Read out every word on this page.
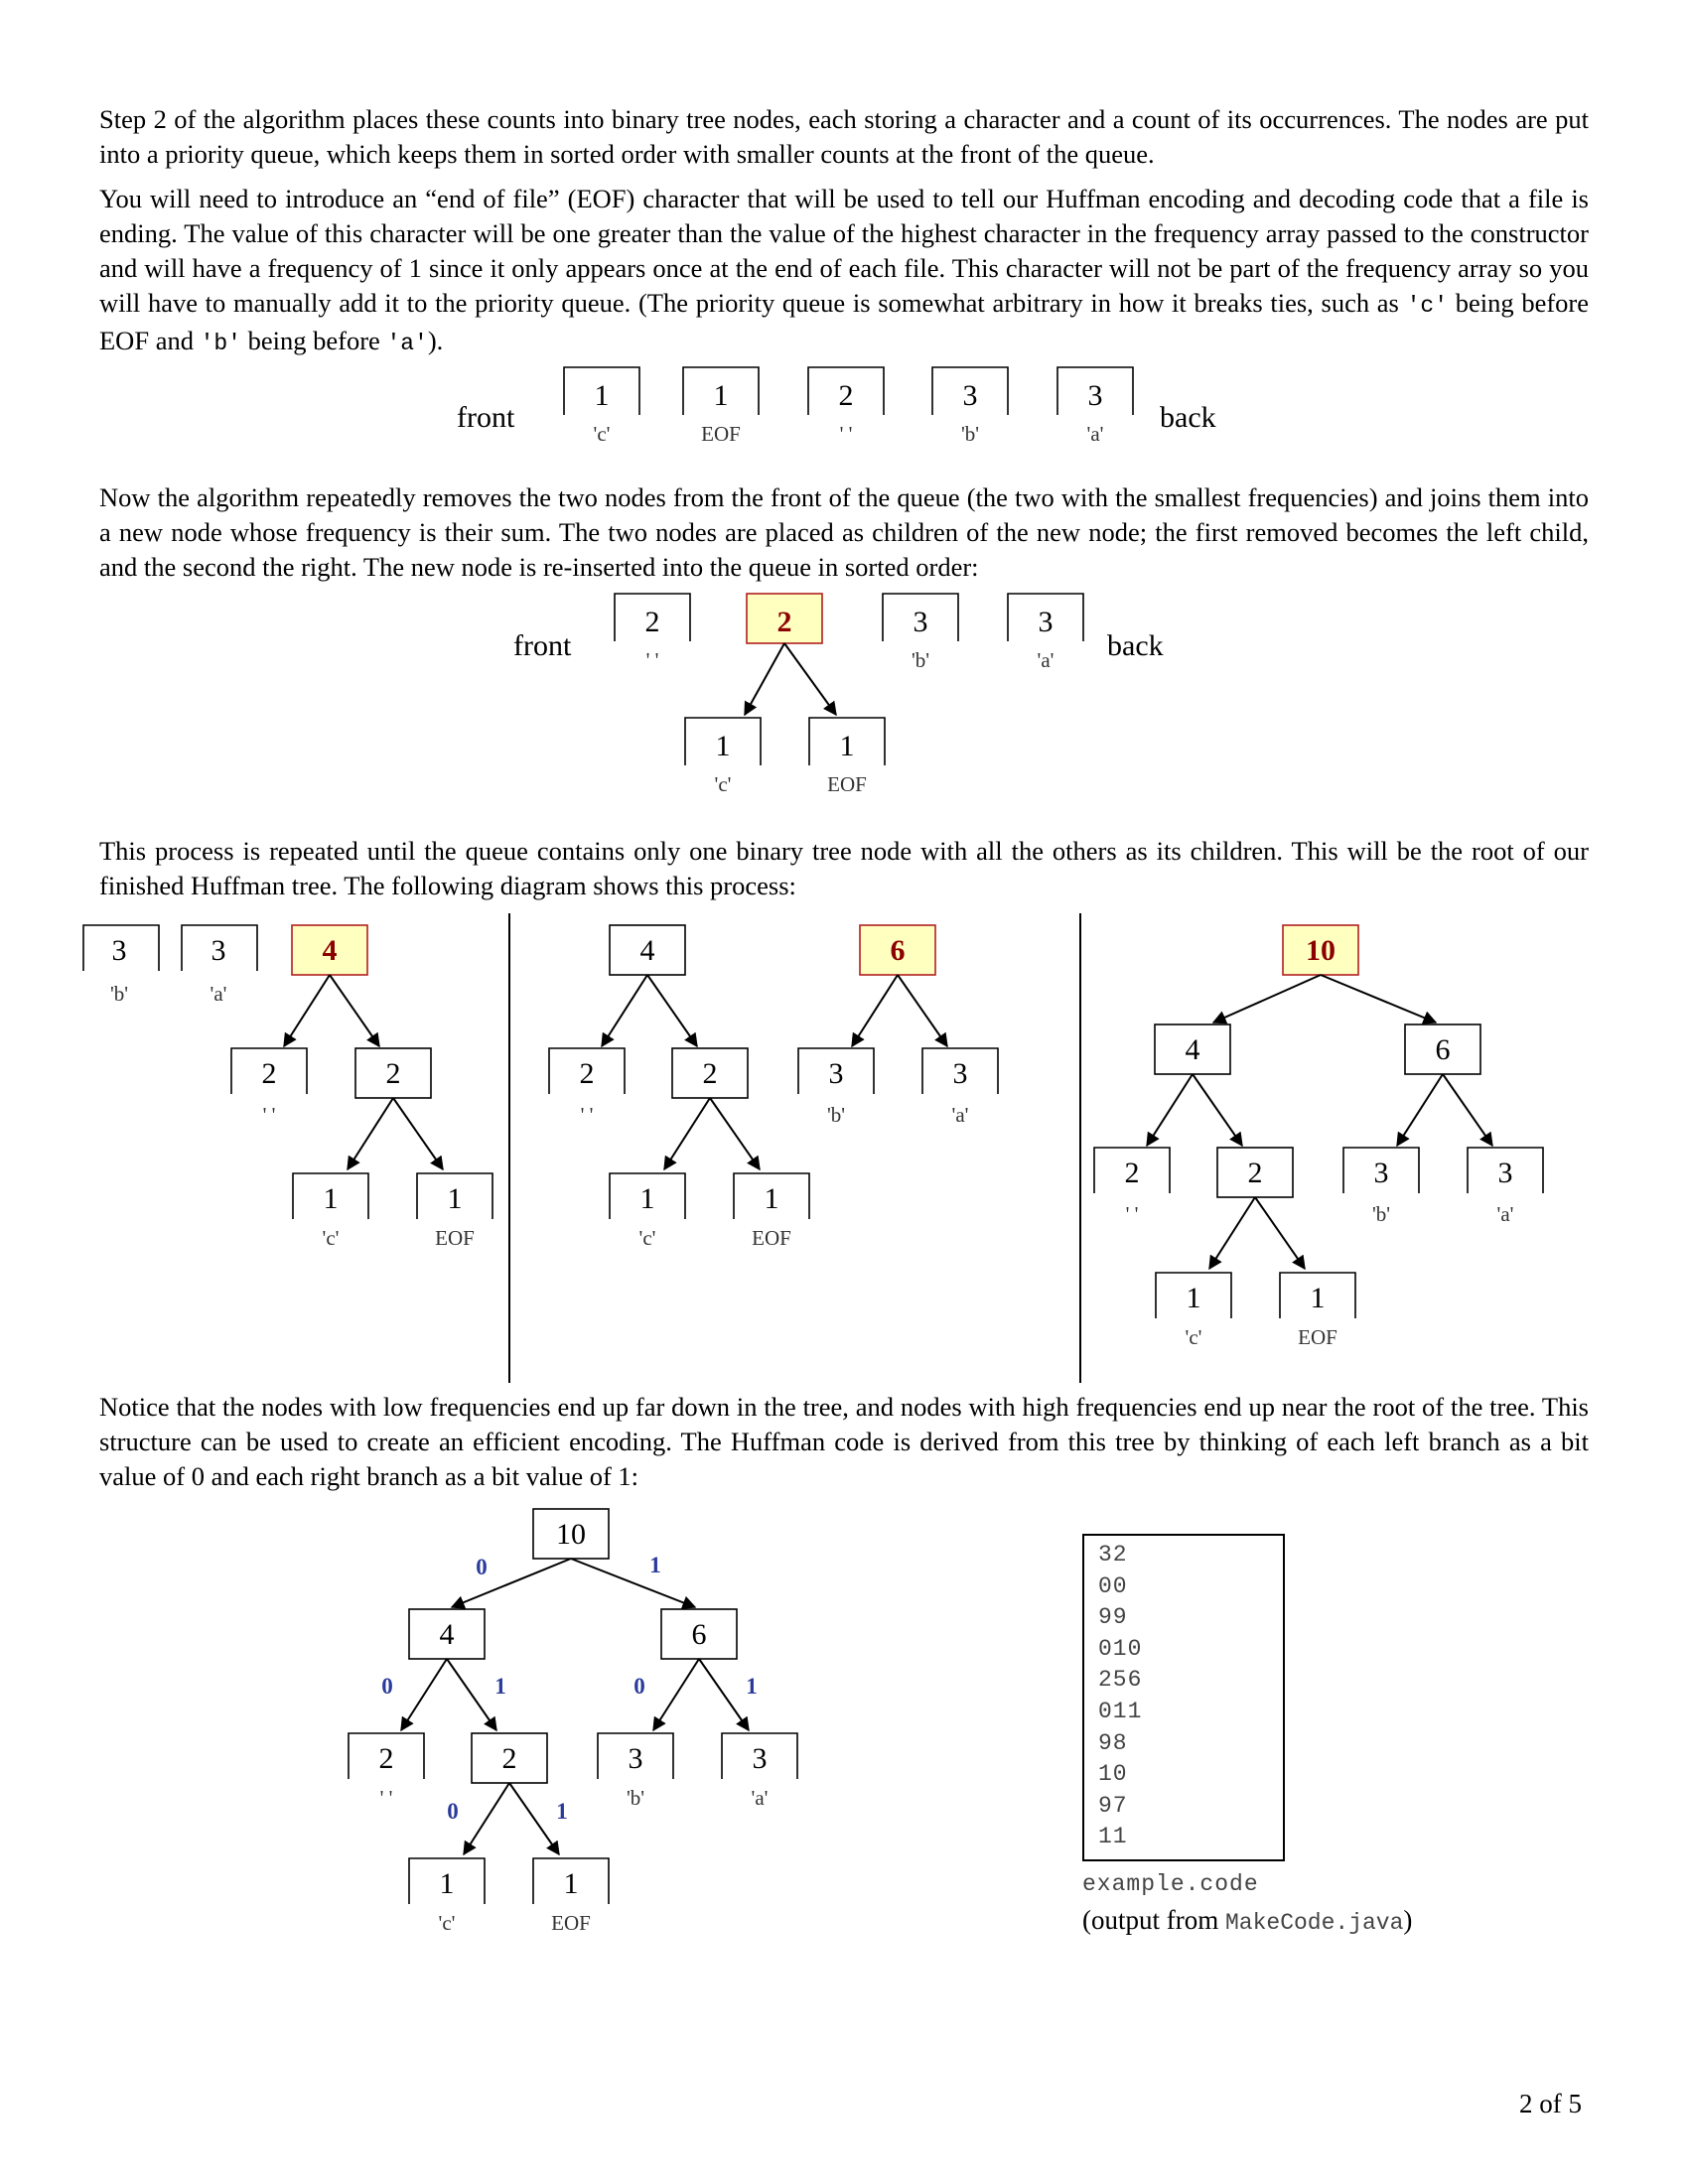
Step 2 of the algorithm places these counts into binary tree nodes, each storing a character and a count of its occurrences. The nodes are put into a priority queue, which keeps them in sorted order with smaller counts at the front of the queue.

You will need to introduce an “end of file” (EOF) character that will be used to tell our Huffman encoding and decoding code that a file is ending. The value of this character will be one greater than the value of the highest character in the frequency array passed to the constructor and will have a frequency of 1 since it only appears once at the end of each file. This character will not be part of the frequency array so you will have to manually add it to the priority queue. (The priority queue is somewhat arbitrary in how it breaks ties, such as 'c' being before EOF and 'b' being before 'a').

front
1
'c'
1
EOF
2
' '
3
'b'
3
'a' back

Now the algorithm repeatedly removes the two nodes from the front of the queue (the two with the smallest frequencies) and joins them into a new node whose frequency is their sum. The two nodes are placed as children of the new node; the first removed becomes the left child, and the second the right. The new node is re-inserted into the queue in sorted order:

front
2
' '
2	3
'b'
3
'a' back
1
'c'
1
EOF

This process is repeated until the queue contains only one binary tree node with all the others as its children. This will be the root of our finished Huffman tree. The following diagram shows this process:

3
'b'
3
'a'
4
2
' '
2
1
'c'
1
EOF
4
2
' '
2
1
'c'
1
EOF
6
3
'b'
3
'a'
10
4	6
2
' '
2	3
'b'
3
'a'
1
'c'
1
EOF

Notice that the nodes with low frequencies end up far down in the tree, and nodes with high frequencies end up near the root of the tree. This structure can be used to create an efficient encoding. The Huffman code is derived from this tree by thinking of each left branch as a bit value of 0 and each right branch as a bit value of 1:

10
0	1
4	6
0	1	0	1
2
' '
2	3
'b'
3
'a'
0	1
1
'c'
1
EOF
32
00
99
010
256
011
98
10
97
11
example.code
(output from MakeCode.java)
2 of 5
